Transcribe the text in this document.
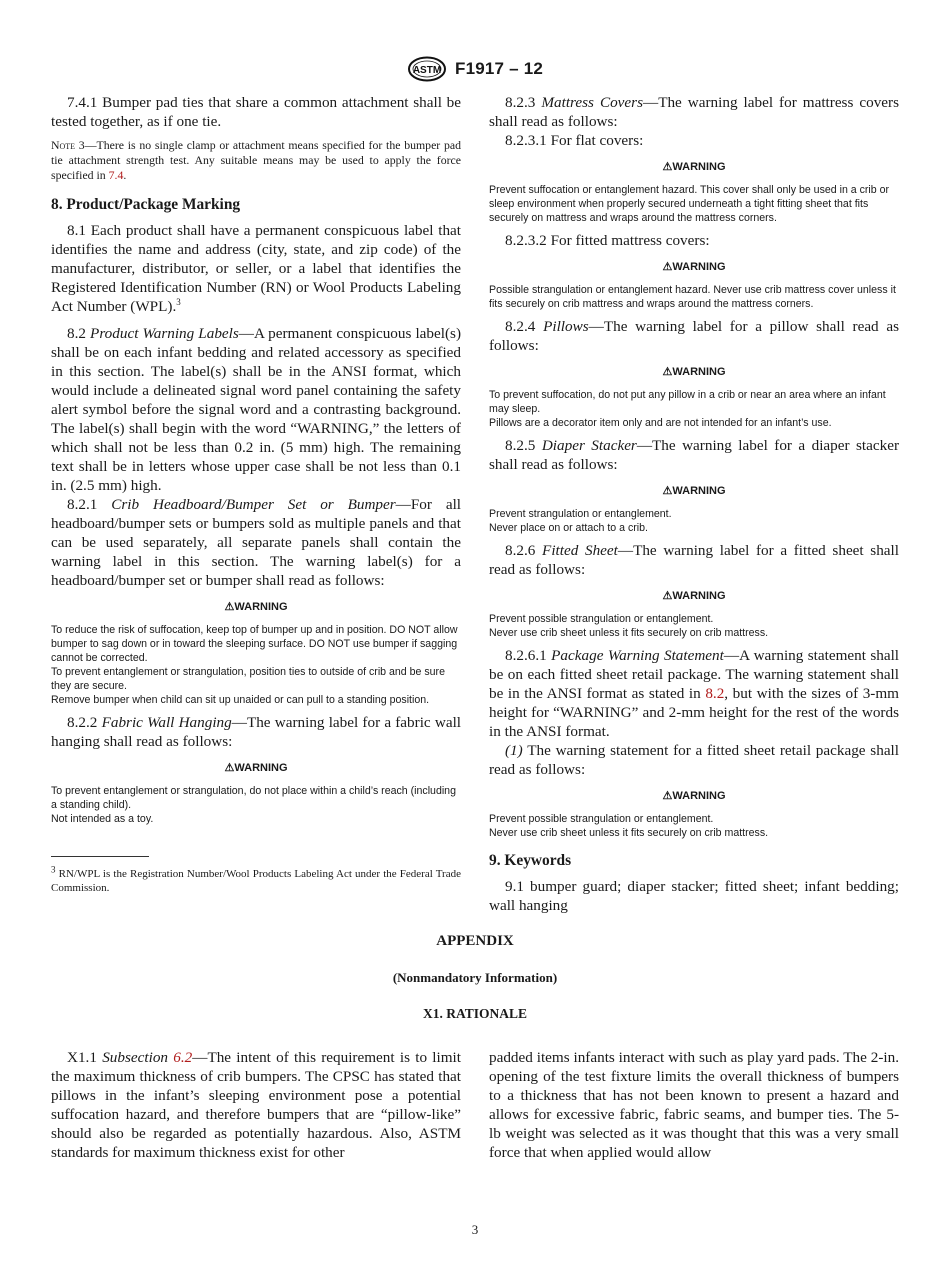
ASTM F1917 – 12

7.4.1 Bumper pad ties that share a common attachment shall be tested together, as if one tie.

Note 3—There is no single clamp or attachment means specified for the bumper pad tie attachment strength test. Any suitable means may be used to apply the force specified in 7.4.

8. Product/Package Marking

8.1 Each product shall have a permanent conspicuous label that identifies the name and address (city, state, and zip code) of the manufacturer, distributor, or seller, or a label that identifies the Registered Identification Number (RN) or Wool Products Labeling Act Number (WPL).$^3$

8.2 Product Warning Labels—A permanent conspicuous label(s) shall be on each infant bedding and related accessory as specified in this section. The label(s) shall be in the ANSI format, which would include a delineated signal word panel containing the safety alert symbol before the signal word and a contrasting background. The label(s) shall begin with the word “WARNING,” the letters of which shall not be less than 0.2 in. (5 mm) high. The remaining text shall be in letters whose upper case shall be not less than 0.1 in. (2.5 mm) high.

8.2.1 Crib Headboard/Bumper Set or Bumper—For all headboard/bumper sets or bumpers sold as multiple panels and that can be used separately, all separate panels shall contain the warning label in this section. The warning label(s) for a headboard/bumper set or bumper shall read as follows:

⚠WARNING
To reduce the risk of suffocation, keep top of bumper up and in position. DO NOT allow bumper to sag down or in toward the sleeping surface. DO NOT use bumper if sagging cannot be corrected.
To prevent entanglement or strangulation, position ties to outside of crib and be sure they are secure.
Remove bumper when child can sit up unaided or can pull to a standing position.

8.2.2 Fabric Wall Hanging—The warning label for a fabric wall hanging shall read as follows:

⚠WARNING
To prevent entanglement or strangulation, do not place within a child’s reach (including a standing child).
Not intended as a toy.

$^3$ RN/WPL is the Registration Number/Wool Products Labeling Act under the Federal Trade Commission.

8.2.3 Mattress Covers—The warning label for mattress covers shall read as follows:

8.2.3.1 For flat covers:

⚠WARNING
Prevent suffocation or entanglement hazard. This cover shall only be used in a crib or sleep environment when properly secured underneath a tight fitting sheet that fits securely on mattress and wraps around the mattress corners.

8.2.3.2 For fitted mattress covers:

⚠WARNING
Possible strangulation or entanglement hazard. Never use crib mattress cover unless it fits securely on crib mattress and wraps around the mattress corners.

8.2.4 Pillows—The warning label for a pillow shall read as follows:

⚠WARNING
To prevent suffocation, do not put any pillow in a crib or near an area where an infant may sleep.
Pillows are a decorator item only and are not intended for an infant’s use.

8.2.5 Diaper Stacker—The warning label for a diaper stacker shall read as follows:

⚠WARNING
Prevent strangulation or entanglement.
Never place on or attach to a crib.

8.2.6 Fitted Sheet—The warning label for a fitted sheet shall read as follows:

⚠WARNING
Prevent possible strangulation or entanglement.
Never use crib sheet unless it fits securely on crib mattress.

8.2.6.1 Package Warning Statement—A warning statement shall be on each fitted sheet retail package. The warning statement shall be in the ANSI format as stated in 8.2, but with the sizes of 3-mm height for “WARNING” and 2-mm height for the rest of the words in the ANSI format.

(1) The warning statement for a fitted sheet retail package shall read as follows:

⚠WARNING
Prevent possible strangulation or entanglement.
Never use crib sheet unless it fits securely on crib mattress.
9. Keywords

9.1 bumper guard; diaper stacker; fitted sheet; infant bedding; wall hanging

APPENDIX
(Nonmandatory Information)
X1. RATIONALE

X1.1 Subsection 6.2—The intent of this requirement is to limit the maximum thickness of crib bumpers. The CPSC has stated that pillows in the infant’s sleeping environment pose a potential suffocation hazard, and therefore bumpers that are “pillow-like” should also be regarded as potentially hazardous. Also, ASTM standards for maximum thickness exist for other

padded items infants interact with such as play yard pads. The 2-in. opening of the test fixture limits the overall thickness of bumpers to a thickness that has not been known to present a hazard and allows for excessive fabric, fabric seams, and bumper ties. The 5-lb weight was selected as it was thought that this was a very small force that when applied would allow

3
